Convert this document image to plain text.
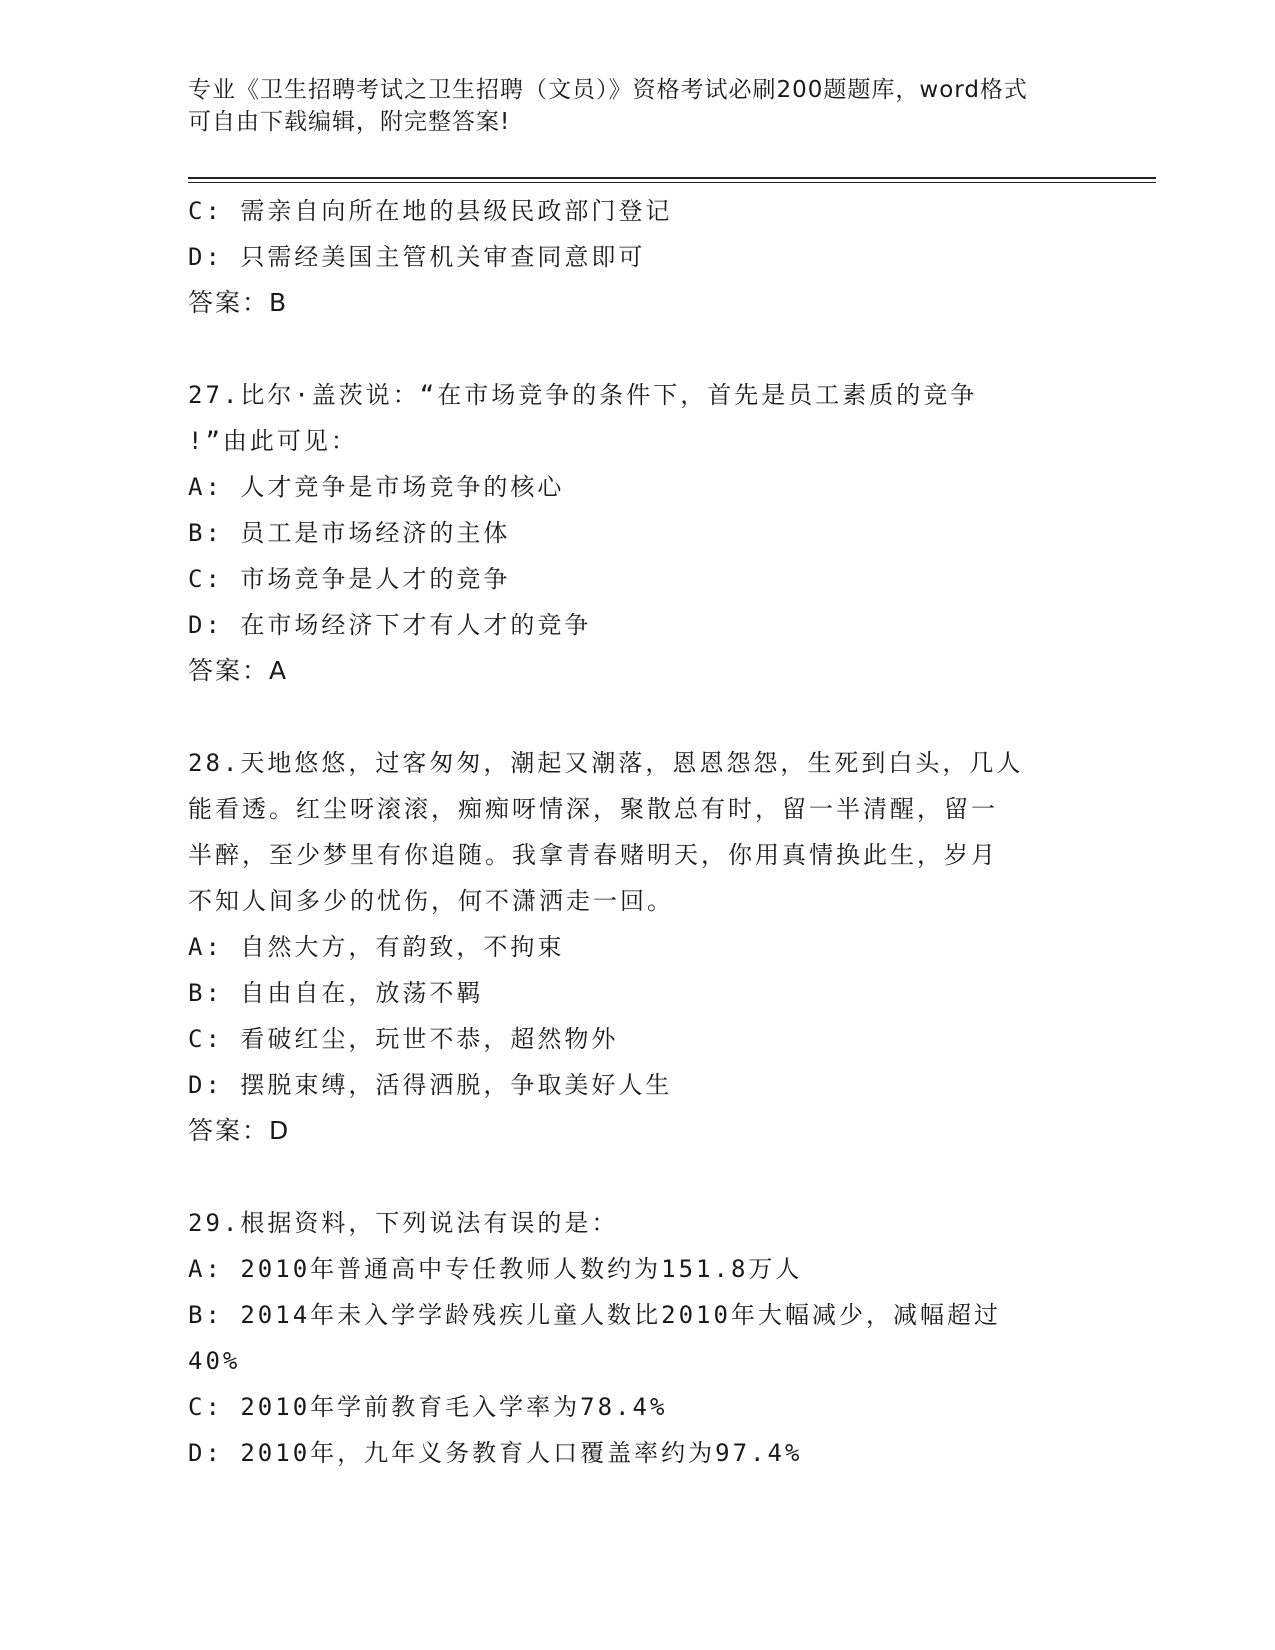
专业《卫生招聘考试之卫生招聘（文员）》资格考试必刷200题题库，word格式
可自由下载编辑，附完整答案!
C: 需亲自向所在地的县级民政部门登记
D: 只需经美国主管机关审查同意即可
答案：B
27.比尔·盖茨说：“在市场竞争的条件下，首先是员工素质的竞争
!”由此可见：
A: 人才竞争是市场竞争的核心
B: 员工是市场经济的主体
C: 市场竞争是人才的竞争
D: 在市场经济下才有人才的竞争
答案：A
28.天地悠悠，过客匆匆，潮起又潮落，恩恩怨怨，生死到白头，几人
能看透。红尘呀滚滚，痴痴呀情深，聚散总有时，留一半清醒，留一
半醉，至少梦里有你追随。我拿青春赌明天，你用真情换此生，岁月
不知人间多少的忧伤，何不潇洒走一回。
A: 自然大方，有韵致，不拘束
B: 自由自在，放荡不羁
C: 看破红尘，玩世不恭，超然物外
D: 摆脱束缚，活得洒脱，争取美好人生
答案：D
29.根据资料，下列说法有误的是：
A: 2010年普通高中专任教师人数约为151.8万人
B: 2014年未入学学龄残疾儿童人数比2010年大幅减少，减幅超过
40%
C: 2010年学前教育毛入学率为78.4%
D: 2010年，九年义务教育人口覆盖率约为97.4%
